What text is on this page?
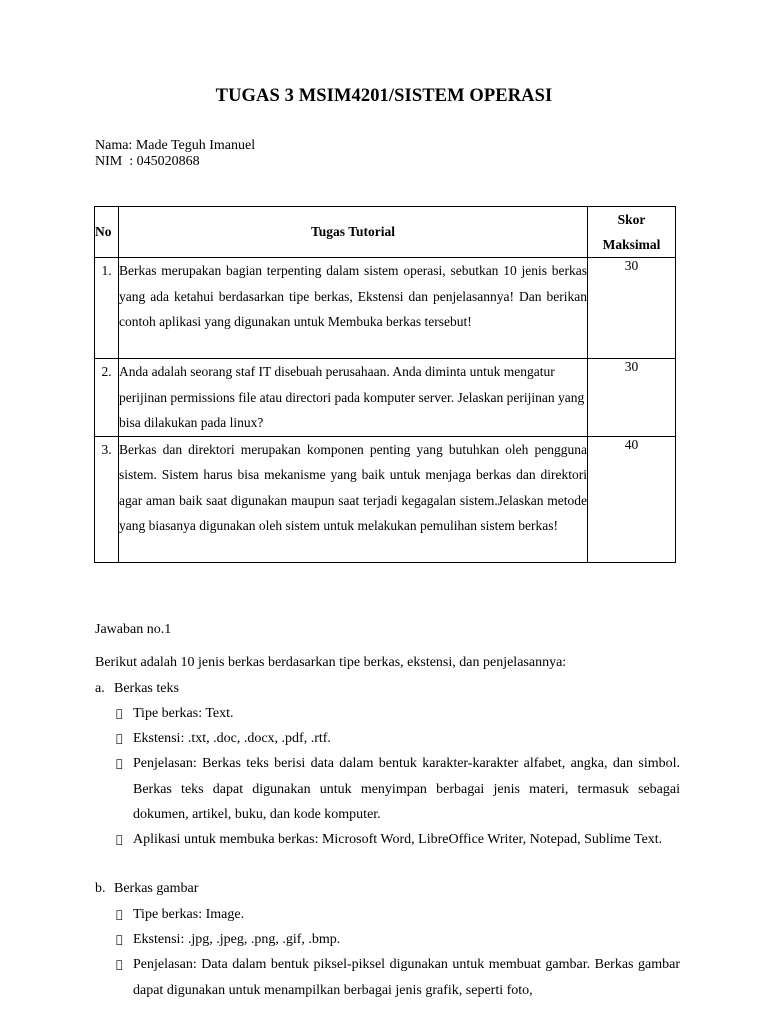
TUGAS 3 MSIM4201/SISTEM OPERASI
Nama: Made Teguh Imanuel
NIM  : 045020868
No	Tugas Tutorial	Skor
Maksimal
1.	Berkas merupakan bagian terpenting dalam sistem operasi, sebutkan 10 jenis berkas yang ada ketahui berdasarkan tipe berkas, Ekstensi dan penjelasannya! Dan berikan contoh aplikasi yang digunakan untuk Membuka berkas tersebut!	30
2.	Anda adalah seorang staf IT disebuah perusahaan. Anda diminta untuk mengatur perijinan permissions file atau directori pada komputer server. Jelaskan perijinan yang bisa dilakukan pada linux?	30
3.	Berkas dan direktori merupakan komponen penting yang butuhkan oleh pengguna sistem. Sistem harus bisa mekanisme yang baik untuk menjaga berkas dan direktori agar aman baik saat digunakan maupun saat terjadi kegagalan sistem.Jelaskan metode yang biasanya digunakan oleh sistem untuk melakukan pemulihan sistem berkas!	40
Jawaban no.1
Berikut adalah 10 jenis berkas berdasarkan tipe berkas, ekstensi, dan penjelasannya:
a. Berkas teks
Tipe berkas: Text.
Ekstensi: .txt, .doc, .docx, .pdf, .rtf.
Penjelasan: Berkas teks berisi data dalam bentuk karakter-karakter alfabet, angka, dan simbol. Berkas teks dapat digunakan untuk menyimpan berbagai jenis materi, termasuk sebagai dokumen, artikel, buku, dan kode komputer.
Aplikasi untuk membuka berkas: Microsoft Word, LibreOffice Writer, Notepad, Sublime Text.
b. Berkas gambar
Tipe berkas: Image.
Ekstensi: .jpg, .jpeg, .png, .gif, .bmp.
Penjelasan: Data dalam bentuk piksel-piksel digunakan untuk membuat gambar. Berkas gambar dapat digunakan untuk menampilkan berbagai jenis grafik, seperti foto,
